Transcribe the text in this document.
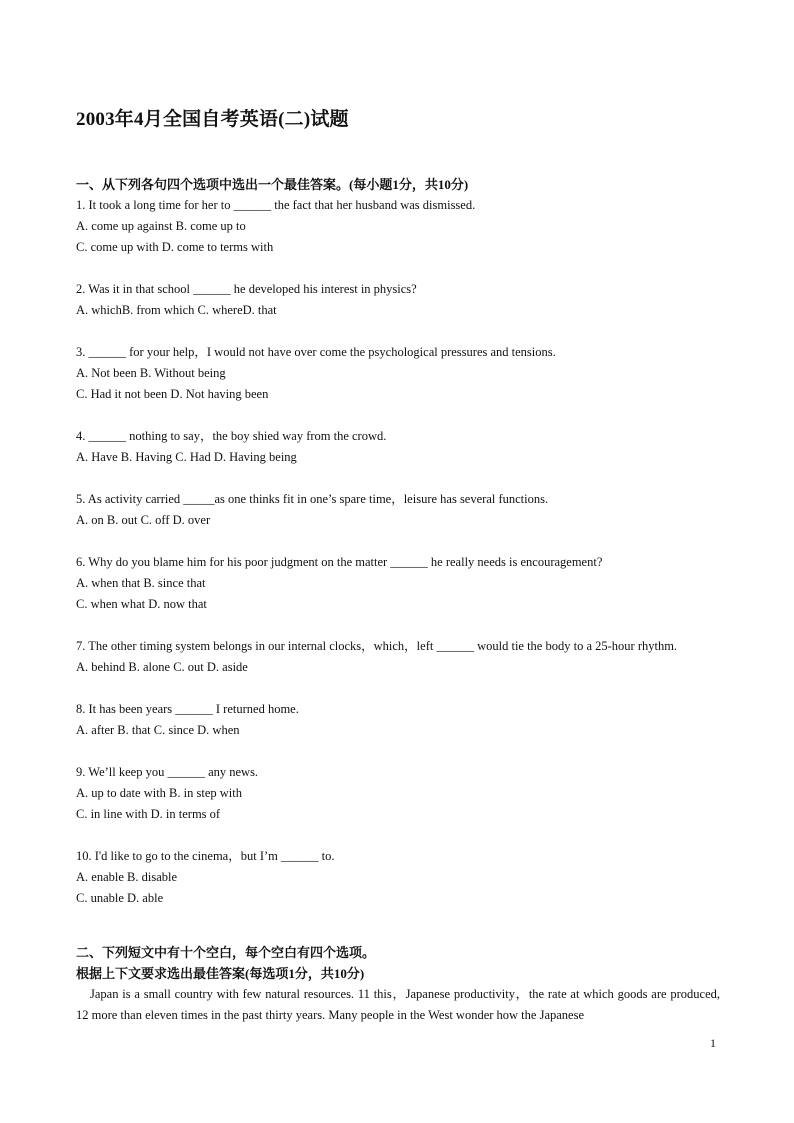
2003年4月全国自考英语(二)试题
一、从下列各句四个选项中选出一个最佳答案。(每小题1分，共10分)
1. It took a long time for her to ______ the fact that her husband was dismissed.
A. come up against B. come up to
C. come up with D. come to terms with
2. Was it in that school ______ he developed his interest in physics?
A. whichB. from which C. whereD. that
3. ______ for your help，I would not have over come the psychological pressures and tensions.
A. Not been B. Without being
C. Had it not been D. Not having been
4. ______ nothing to say，the boy shied way from the crowd.
A. Have B. Having C. Had D. Having being
5. As activity carried _____as one thinks fit in one’s spare time，leisure has several functions.
A. on B. out C. off D. over
6. Why do you blame him for his poor judgment on the matter ______ he really needs is encouragement?
A. when that B. since that
C. when what D. now that
7. The other timing system belongs in our internal clocks，which，left ______ would tie the body to a 25-hour rhythm.
A. behind B. alone C. out D. aside
8. It has been years ______ I returned home.
A. after B. that C. since D. when
9. We’ll keep you ______ any news.
A. up to date with B. in step with
C. in line with D. in terms of
10. I'd like to go to the cinema，but I’m ______ to.
A. enable B. disable
C. unable D. able
二、下列短文中有十个空白，每个空白有四个选项。
根据上下文要求选出最佳答案(每选项1分，共10分)
Japan is a small country with few natural resources. 11 this，Japanese productivity，the rate at which goods are produced, 12 more than eleven times in the past thirty years. Many people in the West wonder how the Japanese
1
